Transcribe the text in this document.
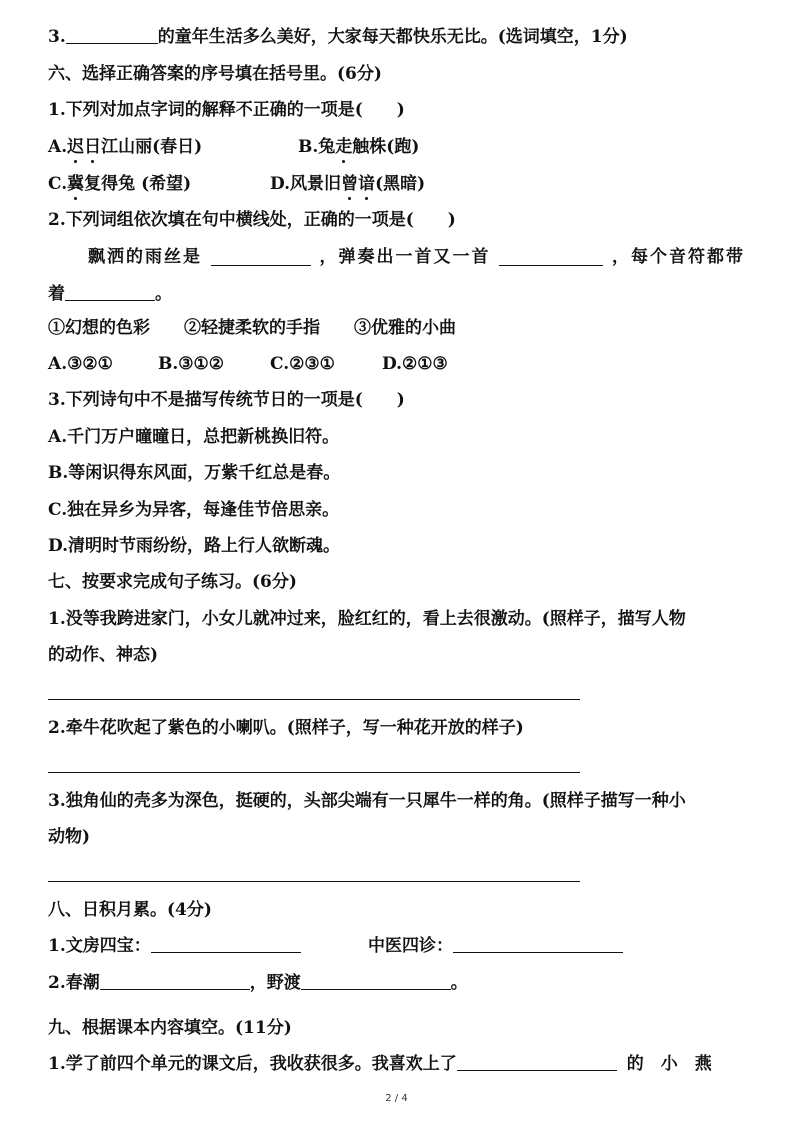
3.	的童年生活多么美好，大家每天都快乐无比。(选词填空，1分)
六、选择正确答案的序号填在括号里。(6分)
1.下列对加点字词的解释不正确的一项是(　　)
A.迟日江山丽(春日)	B.兔走触株(跑)
C.冀复得兔 (希望)	D.风景旧曾谙(黑暗)
2.下列词组依次填在句中横线处，正确的一项是(　　)
飘洒的雨丝是	，弹奏出一首又一首	，每个音符都带
着	。
①幻想的色彩　　②轻捷柔软的手指　　③优雅的小曲
A.③②①	B.③①②	C.②③①	D.②①③
3.下列诗句中不是描写传统节日的一项是(　　)
A.千门万户曈曈日，总把新桃换旧符。
B.等闲识得东风面，万紫千红总是春。
C.独在异乡为异客，每逢佳节倍思亲。
D.清明时节雨纷纷，路上行人欲断魂。
七、按要求完成句子练习。(6分)
1.没等我跨进家门，小女儿就冲过来，脸红红的，看上去很激动。(照样子，描写人物
的动作、神态)
2.牵牛花吹起了紫色的小喇叭。(照样子，写一种花开放的样子)
3.独角仙的壳多为深色，挺硬的，头部尖端有一只犀牛一样的角。(照样子描写一种小
动物)
八、日积月累。(4分)
1.文房四宝：	中医四诊：
2.春潮	，野渡	。
九、根据课本内容填空。(11分)
1.学了前四个单元的课文后，我收获很多。我喜欢上了	的　 小　 燕
2 / 4
